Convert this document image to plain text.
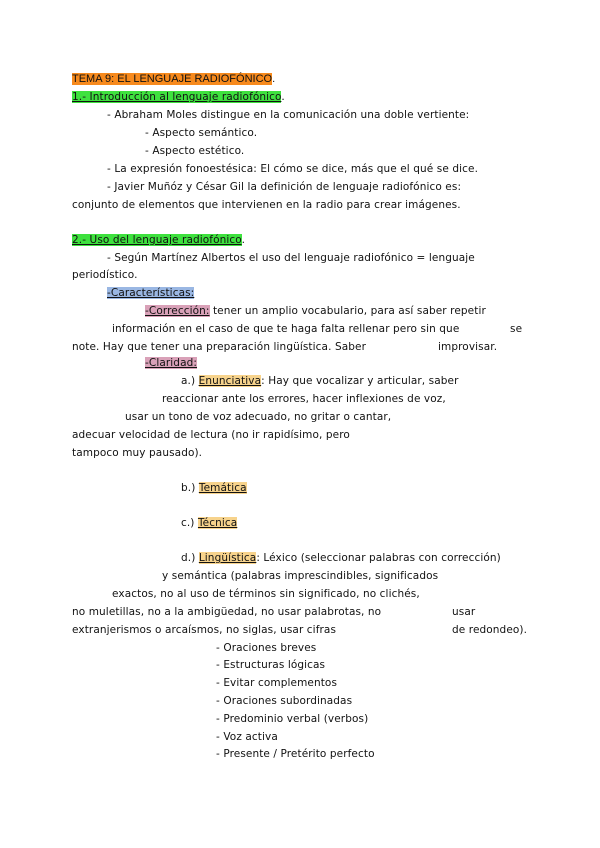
TEMA 9: EL LENGUAJE RADIOFÓNICO.
1.- Introducción al lenguaje radiofónico.
- Abraham Moles distingue en la comunicación una doble vertiente:
- Aspecto semántico.
- Aspecto estético.
- La expresión fonoestésica: El cómo se dice, más que el qué se dice.
- Javier Muñóz y César Gil la definición de lenguaje radiofónico es:
conjunto de elementos que intervienen en la radio para crear imágenes.
2.- Uso del lenguaje radiofónico.
- Según Martínez Albertos el uso del lenguaje radiofónico = lenguaje
periodístico.
-Características:
-Corrección: tener un amplio vocabulario, para así saber repetir
información en el caso de que te haga falta rellenar pero sin que	se
note. Hay que tener una preparación lingüística. Saber	improvisar.
-Claridad:
a.) Enunciativa: Hay que vocalizar y articular, saber
reaccionar ante los errores, hacer inflexiones de voz,
usar un tono de voz adecuado, no gritar o cantar,
adecuar velocidad de lectura (no ir rapidísimo, pero
tampoco muy pausado).
b.) Temática
c.) Técnica
d.) Lingüística: Léxico (seleccionar palabras con corrección)
y semántica (palabras imprescindibles, significados
exactos, no al uso de términos sin significado, no clichés,
no muletillas, no a la ambigüedad, no usar palabrotas, no	usar
extranjerismos o arcaísmos, no siglas, usar cifras	de redondeo).
- Oraciones breves
- Estructuras lógicas
- Evitar complementos
- Oraciones subordinadas
- Predominio verbal (verbos)
- Voz activa
- Presente / Pretérito perfecto
